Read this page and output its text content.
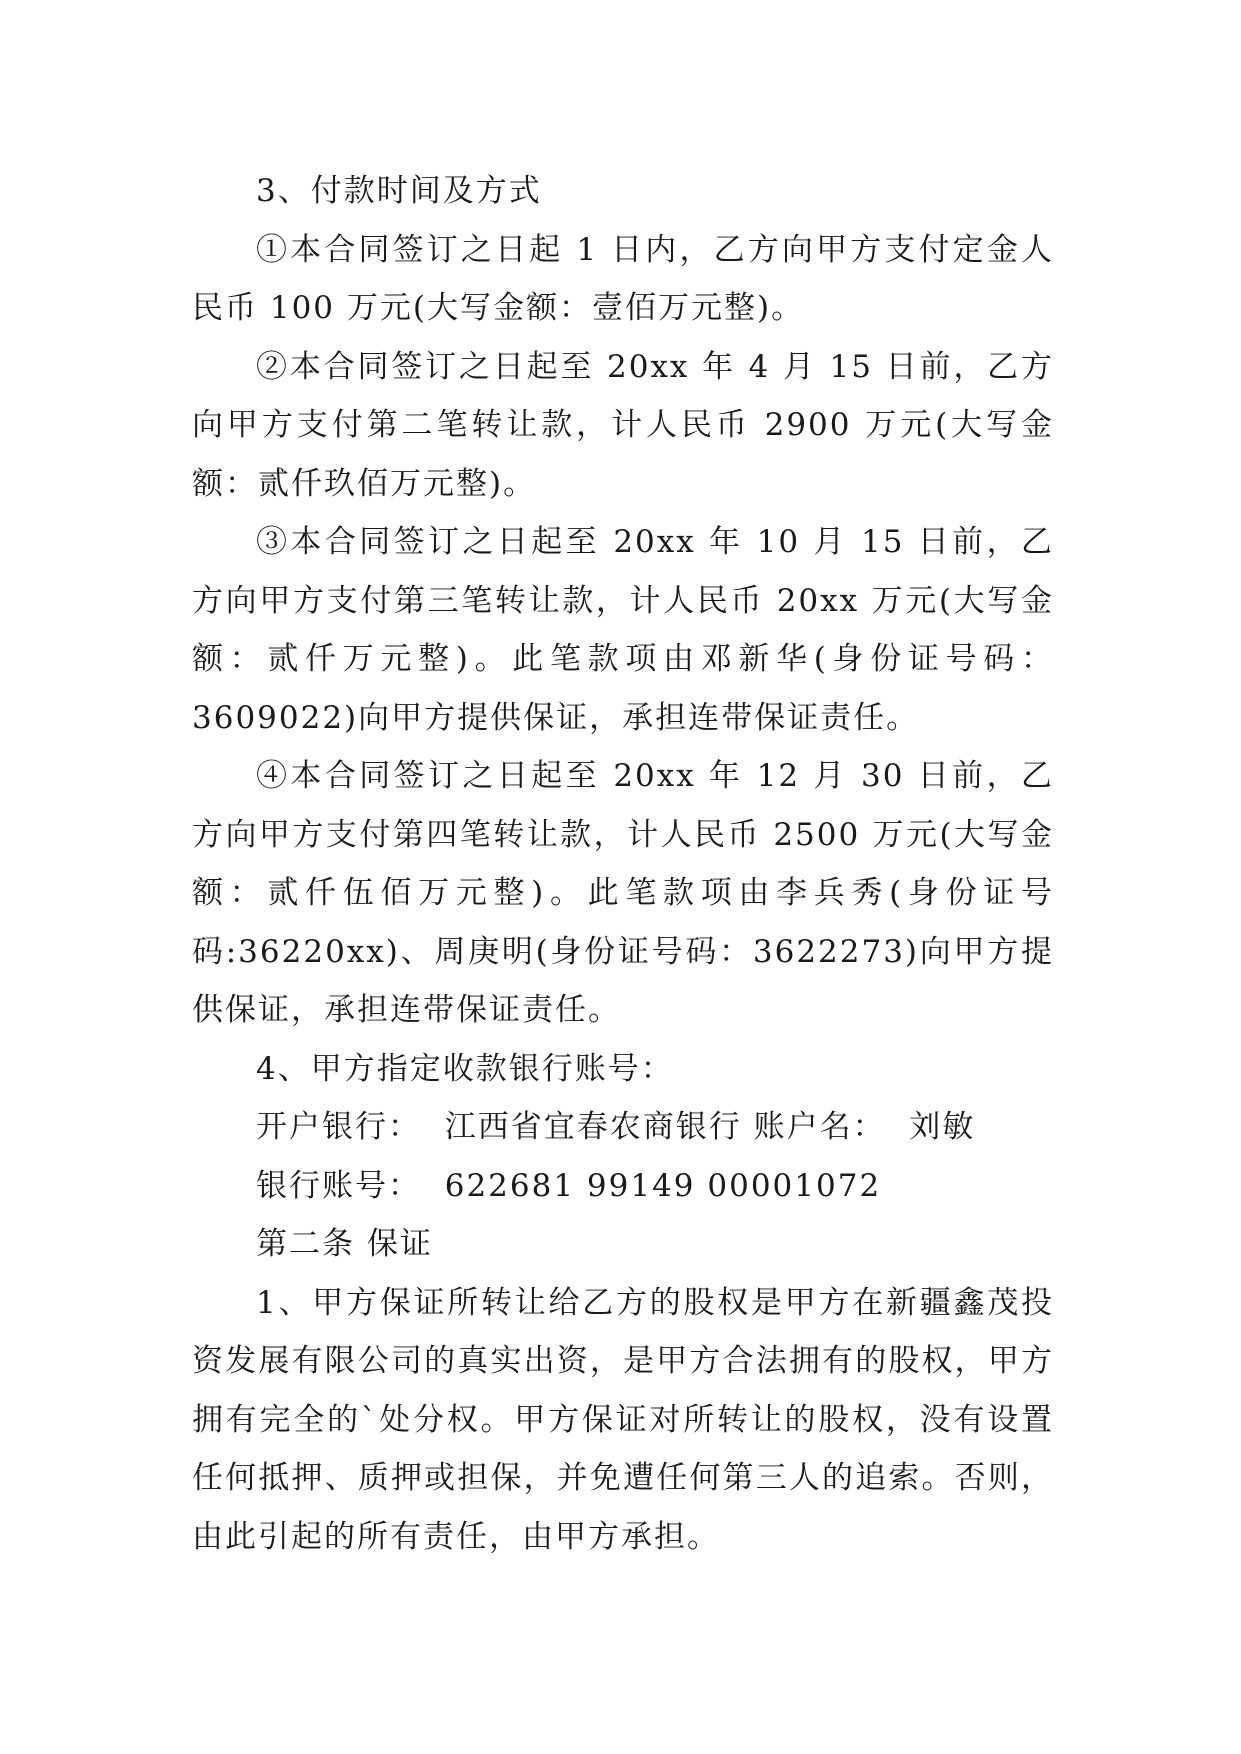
3、付款时间及方式

①本合同签订之日起 1 日内，乙方向甲方支付定金人民币 100 万元(大写金额：壹佰万元整)。

②本合同签订之日起至 20xx 年 4 月 15 日前，乙方向甲方支付第二笔转让款，计人民币 2900 万元(大写金额：贰仟玖佰万元整)。

③本合同签订之日起至 20xx 年 10 月 15 日前，乙方向甲方支付第三笔转让款，计人民币 20xx 万元(大写金额：贰仟万元整)。此笔款项由邓新华(身份证号码：3609022)向甲方提供保证，承担连带保证责任。

④本合同签订之日起至 20xx 年 12 月 30 日前，乙方向甲方支付第四笔转让款，计人民币 2500 万元(大写金额：贰仟伍佰万元整)。此笔款项由李兵秀(身份证号码:36220xx)、周庚明(身份证号码：3622273)向甲方提供保证，承担连带保证责任。

4、甲方指定收款银行账号：

开户银行： 江西省宜春农商银行 账户名： 刘敏

银行账号： 622681 99149 00001072

第二条 保证

1、甲方保证所转让给乙方的股权是甲方在新疆鑫茂投资发展有限公司的真实出资，是甲方合法拥有的股权，甲方拥有完全的`处分权。甲方保证对所转让的股权，没有设置任何抵押、质押或担保，并免遭任何第三人的追索。否则，由此引起的所有责任，由甲方承担。
